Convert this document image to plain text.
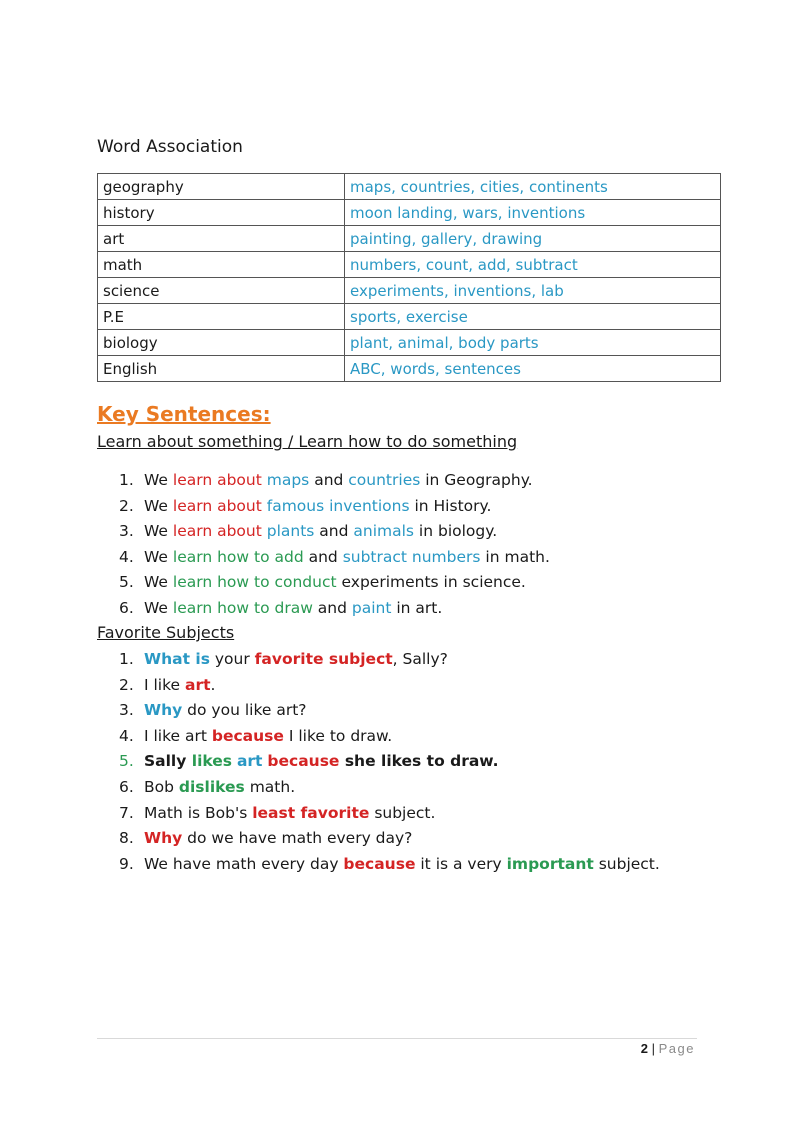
Word Association
geography	maps, countries, cities, continents
history	moon landing, wars, inventions
art	painting, gallery, drawing
math	numbers, count, add, subtract
science	experiments, inventions, lab
P.E	sports, exercise
biology	plant, animal, body parts
English	ABC, words, sentences
Key Sentences:
Learn about something / Learn how to do something
1. We learn about maps and countries in Geography.
2. We learn about famous inventions in History.
3. We learn about plants and animals in biology.
4. We learn how to add and subtract numbers in math.
5. We learn how to conduct experiments in science.
6. We learn how to draw and paint in art.
Favorite Subjects
1. What is your favorite subject, Sally?
2. I like art.
3. Why do you like art?
4. I like art because I like to draw.
5. Sally likes art because she likes to draw.
6. Bob dislikes math.
7. Math is Bob's least favorite subject.
8. Why do we have math every day?
9. We have math every day because it is a very important subject.
2 | Page
